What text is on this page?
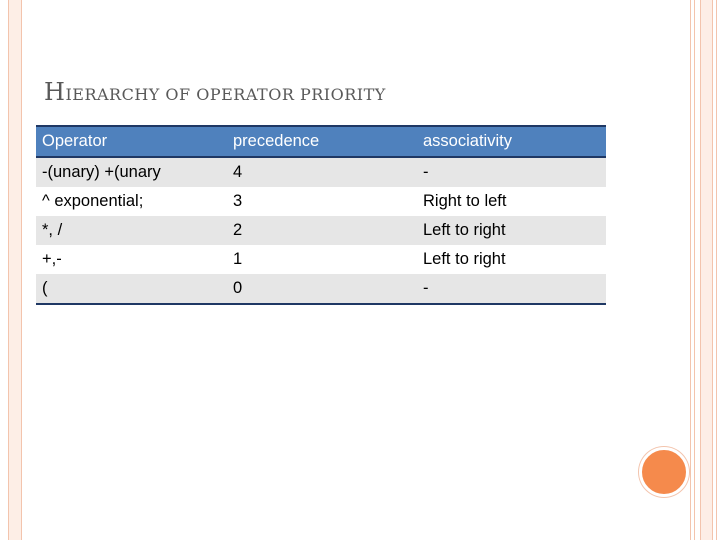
HIERARCHY OF OPERATOR PRIORITY
Operator	precedence	associativity
-(unary) +(unary	4	-
^ exponential;	3	Right to left
*, /	2	Left to right
+,-	1	Left to right
(	0	-
